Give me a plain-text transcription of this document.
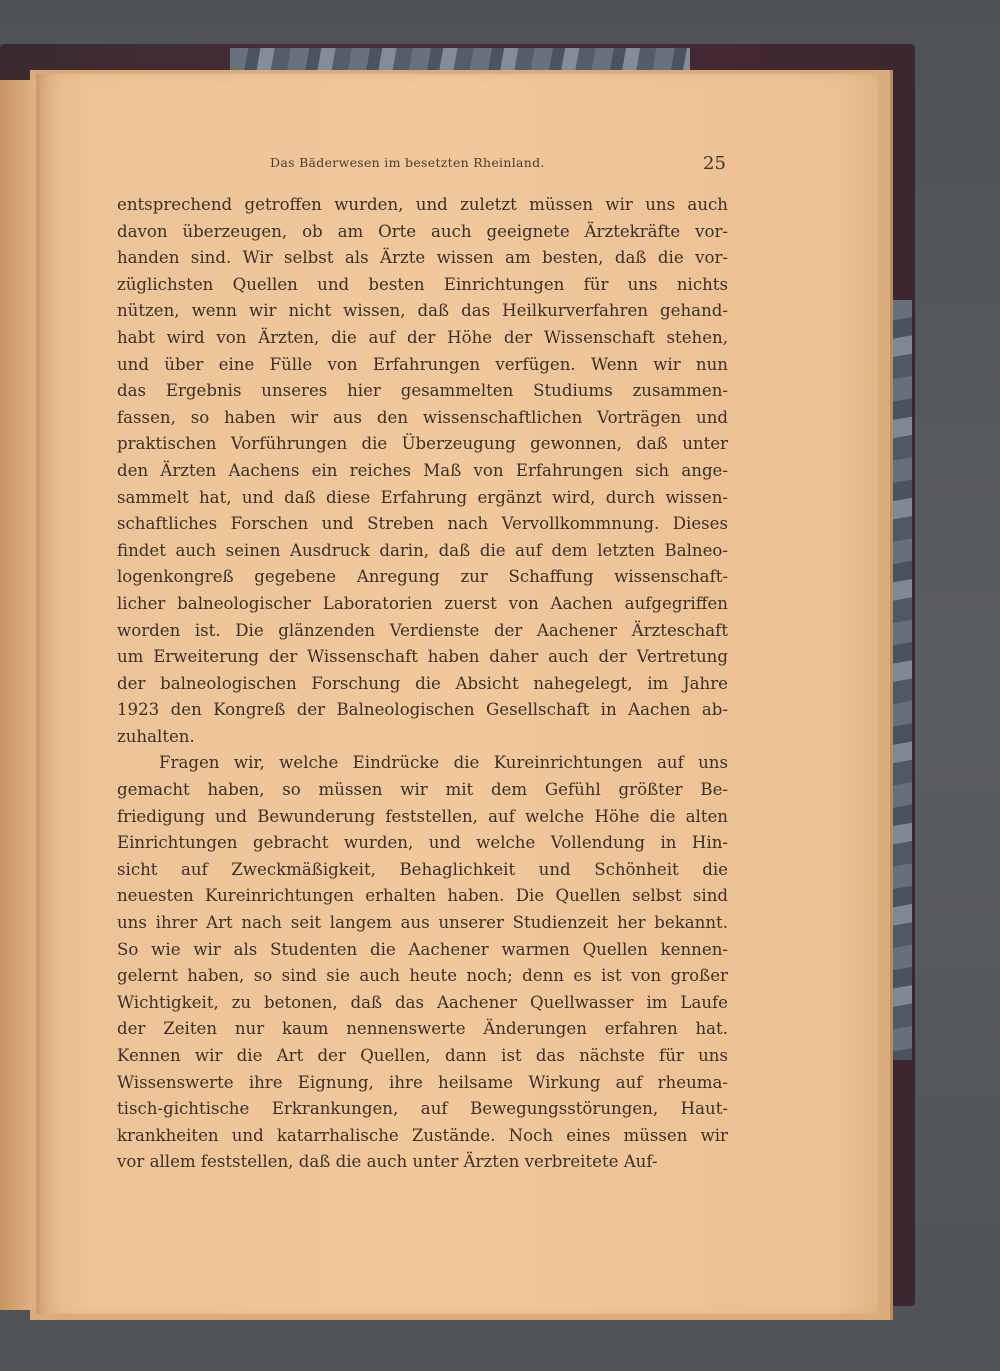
Das Bäderwesen im besetzten Rheinland.	25
entsprechend getroffen wurden, und zuletzt müssen wir uns auch
davon überzeugen, ob am Orte auch geeignete Ärztekräfte vor-
handen sind. Wir selbst als Ärzte wissen am besten, daß die vor-
züglichsten Quellen und besten Einrichtungen für uns nichts
nützen, wenn wir nicht wissen, daß das Heilkurverfahren gehand-
habt wird von Ärzten, die auf der Höhe der Wissenschaft stehen,
und über eine Fülle von Erfahrungen verfügen. Wenn wir nun
das Ergebnis unseres hier gesammelten Studiums zusammen-
fassen, so haben wir aus den wissenschaftlichen Vorträgen und
praktischen Vorführungen die Überzeugung gewonnen, daß unter
den Ärzten Aachens ein reiches Maß von Erfahrungen sich ange-
sammelt hat, und daß diese Erfahrung ergänzt wird, durch wissen-
schaftliches Forschen und Streben nach Vervollkommnung. Dieses
findet auch seinen Ausdruck darin, daß die auf dem letzten Balneo-
logenkongreß gegebene Anregung zur Schaffung wissenschaft-
licher balneologischer Laboratorien zuerst von Aachen aufgegriffen
worden ist. Die glänzenden Verdienste der Aachener Ärzteschaft
um Erweiterung der Wissenschaft haben daher auch der Vertretung
der balneologischen Forschung die Absicht nahegelegt, im Jahre
1923 den Kongreß der Balneologischen Gesellschaft in Aachen ab-
zuhalten.
Fragen wir, welche Eindrücke die Kureinrichtungen auf uns
gemacht haben, so müssen wir mit dem Gefühl größter Be-
friedigung und Bewunderung feststellen, auf welche Höhe die alten
Einrichtungen gebracht wurden, und welche Vollendung in Hin-
sicht auf Zweckmäßigkeit, Behaglichkeit und Schönheit die
neuesten Kureinrichtungen erhalten haben. Die Quellen selbst sind
uns ihrer Art nach seit langem aus unserer Studienzeit her bekannt.
So wie wir als Studenten die Aachener warmen Quellen kennen-
gelernt haben, so sind sie auch heute noch; denn es ist von großer
Wichtigkeit, zu betonen, daß das Aachener Quellwasser im Laufe
der Zeiten nur kaum nennenswerte Änderungen erfahren hat.
Kennen wir die Art der Quellen, dann ist das nächste für uns
Wissenswerte ihre Eignung, ihre heilsame Wirkung auf rheuma-
tisch-gichtische Erkrankungen, auf Bewegungsstörungen, Haut-
krankheiten und katarrhalische Zustände. Noch eines müssen wir
vor allem feststellen, daß die auch unter Ärzten verbreitete Auf-
